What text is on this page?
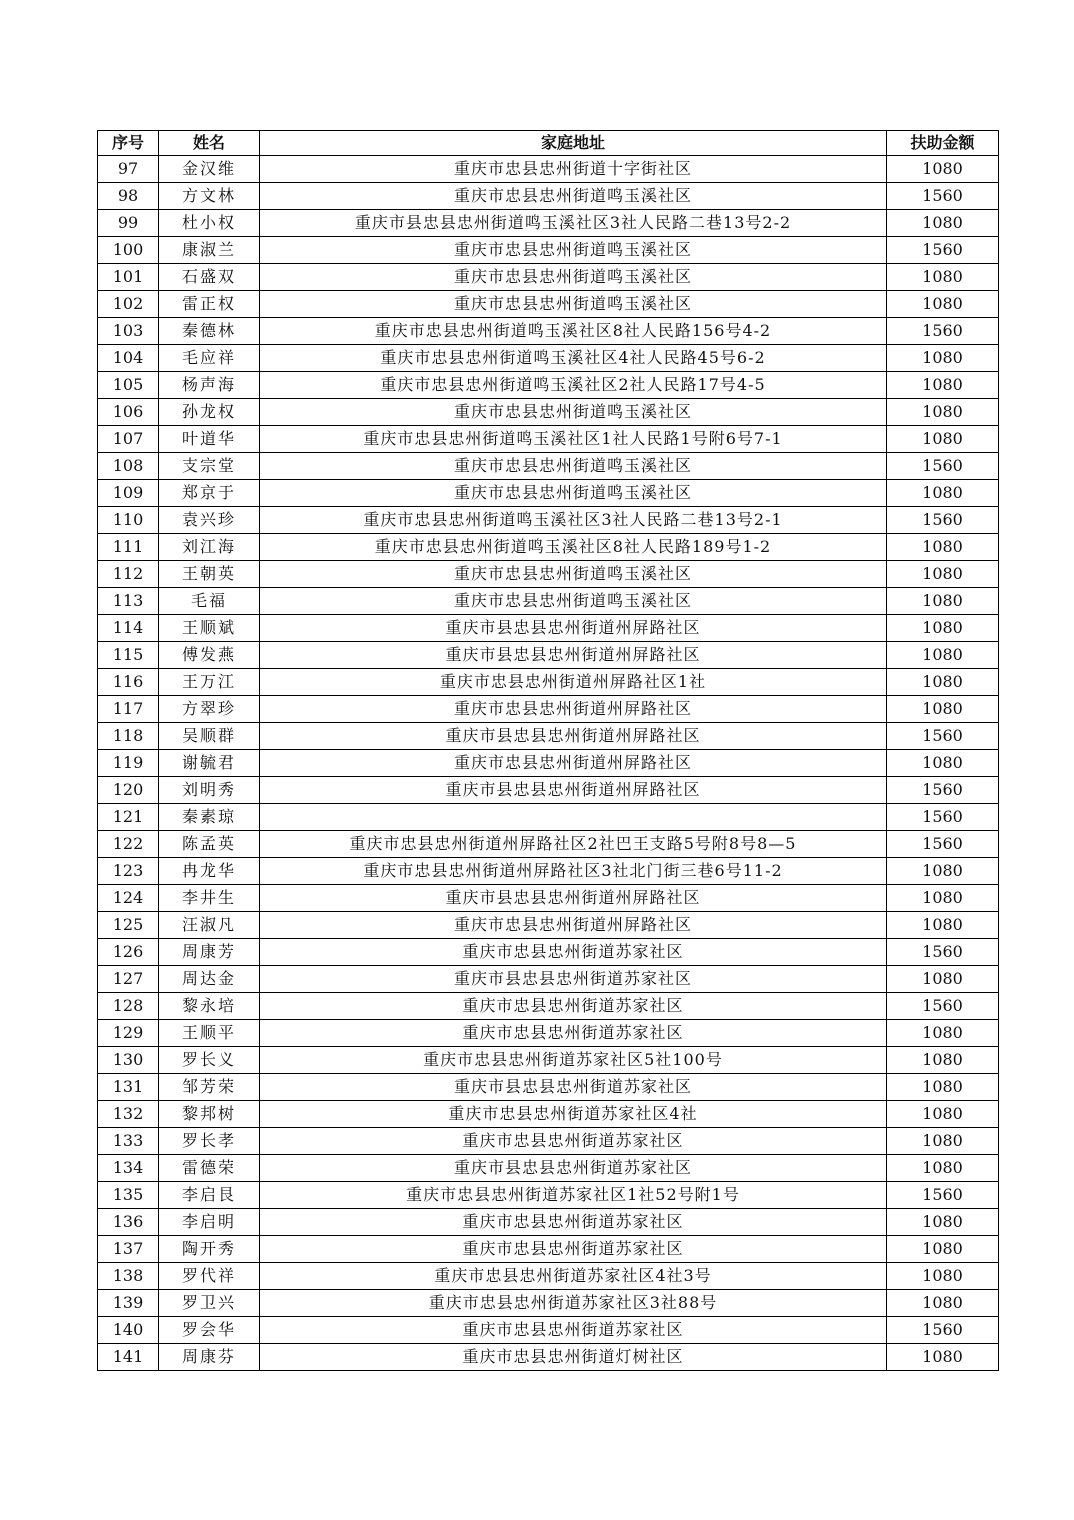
序号	姓名	家庭地址	扶助金额
97	金汉维	重庆市忠县忠州街道十字街社区	1080
98	方文林	重庆市忠县忠州街道鸣玉溪社区	1560
99	杜小权	重庆市县忠县忠州街道鸣玉溪社区3社人民路二巷13号2-2	1080
100	康淑兰	重庆市忠县忠州街道鸣玉溪社区	1560
101	石盛双	重庆市忠县忠州街道鸣玉溪社区	1080
102	雷正权	重庆市忠县忠州街道鸣玉溪社区	1080
103	秦德林	重庆市忠县忠州街道鸣玉溪社区8社人民路156号4-2	1560
104	毛应祥	重庆市忠县忠州街道鸣玉溪社区4社人民路45号6-2	1080
105	杨声海	重庆市忠县忠州街道鸣玉溪社区2社人民路17号4-5	1080
106	孙龙权	重庆市忠县忠州街道鸣玉溪社区	1080
107	叶道华	重庆市忠县忠州街道鸣玉溪社区1社人民路1号附6号7-1	1080
108	支宗堂	重庆市忠县忠州街道鸣玉溪社区	1560
109	郑京于	重庆市忠县忠州街道鸣玉溪社区	1080
110	袁兴珍	重庆市忠县忠州街道鸣玉溪社区3社人民路二巷13号2-1	1560
111	刘江海	重庆市忠县忠州街道鸣玉溪社区8社人民路189号1-2	1080
112	王朝英	重庆市忠县忠州街道鸣玉溪社区	1080
113	毛福	重庆市忠县忠州街道鸣玉溪社区	1080
114	王顺斌	重庆市县忠县忠州街道州屏路社区	1080
115	傅发燕	重庆市县忠县忠州街道州屏路社区	1080
116	王万江	重庆市忠县忠州街道州屏路社区1社	1080
117	方翠珍	重庆市忠县忠州街道州屏路社区	1080
118	吴顺群	重庆市县忠县忠州街道州屏路社区	1560
119	谢毓君	重庆市忠县忠州街道州屏路社区	1080
120	刘明秀	重庆市县忠县忠州街道州屏路社区	1560
121	秦素琼		1560
122	陈孟英	重庆市忠县忠州街道州屏路社区2社巴王支路5号附8号8—5	1560
123	冉龙华	重庆市忠县忠州街道州屏路社区3社北门街三巷6号11-2	1080
124	李井生	重庆市县忠县忠州街道州屏路社区	1080
125	汪淑凡	重庆市忠县忠州街道州屏路社区	1080
126	周康芳	重庆市忠县忠州街道苏家社区	1560
127	周达金	重庆市县忠县忠州街道苏家社区	1080
128	黎永培	重庆市忠县忠州街道苏家社区	1560
129	王顺平	重庆市忠县忠州街道苏家社区	1080
130	罗长义	重庆市忠县忠州街道苏家社区5社100号	1080
131	邹芳荣	重庆市县忠县忠州街道苏家社区	1080
132	黎邦树	重庆市忠县忠州街道苏家社区4社	1080
133	罗长孝	重庆市忠县忠州街道苏家社区	1080
134	雷德荣	重庆市县忠县忠州街道苏家社区	1080
135	李启艮	重庆市忠县忠州街道苏家社区1社52号附1号	1560
136	李启明	重庆市忠县忠州街道苏家社区	1080
137	陶开秀	重庆市忠县忠州街道苏家社区	1080
138	罗代祥	重庆市忠县忠州街道苏家社区4社3号	1080
139	罗卫兴	重庆市忠县忠州街道苏家社区3社88号	1080
140	罗会华	重庆市忠县忠州街道苏家社区	1560
141	周康芬	重庆市忠县忠州街道灯树社区	1080
